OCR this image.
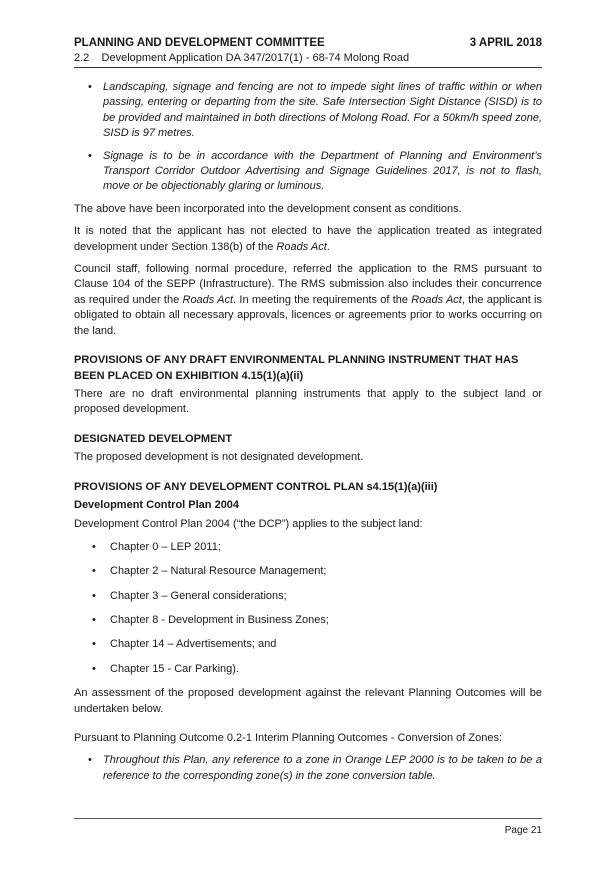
PLANNING AND DEVELOPMENT COMMITTEE	3 APRIL 2018
2.2 Development Application DA 347/2017(1) - 68-74 Molong Road
• Landscaping, signage and fencing are not to impede sight lines of traffic within or when passing, entering or departing from the site. Safe Intersection Sight Distance (SISD) is to be provided and maintained in both directions of Molong Road. For a 50km/h speed zone, SISD is 97 metres.
• Signage is to be in accordance with the Department of Planning and Environment’s Transport Corridor Outdoor Advertising and Signage Guidelines 2017, is not to flash, move or be objectionably glaring or luminous.

The above have been incorporated into the development consent as conditions.

It is noted that the applicant has not elected to have the application treated as integrated development under Section 138(b) of the Roads Act.

Council staff, following normal procedure, referred the application to the RMS pursuant to Clause 104 of the SEPP (Infrastructure). The RMS submission also includes their concurrence as required under the Roads Act. In meeting the requirements of the Roads Act, the applicant is obligated to obtain all necessary approvals, licences or agreements prior to works occurring on the land.

PROVISIONS OF ANY DRAFT ENVIRONMENTAL PLANNING INSTRUMENT THAT HAS BEEN PLACED ON EXHIBITION 4.15(1)(a)(ii)

There are no draft environmental planning instruments that apply to the subject land or proposed development.

DESIGNATED DEVELOPMENT

The proposed development is not designated development.

PROVISIONS OF ANY DEVELOPMENT CONTROL PLAN s4.15(1)(a)(iii)
Development Control Plan 2004

Development Control Plan 2004 (“the DCP”) applies to the subject land:

• Chapter 0 – LEP 2011;
• Chapter 2 – Natural Resource Management;
• Chapter 3 – General considerations;
• Chapter 8 - Development in Business Zones;
• Chapter 14 – Advertisements; and
• Chapter 15 - Car Parking).

An assessment of the proposed development against the relevant Planning Outcomes will be undertaken below.

Pursuant to Planning Outcome 0.2-1 Interim Planning Outcomes - Conversion of Zones:

• Throughout this Plan, any reference to a zone in Orange LEP 2000 is to be taken to be a reference to the corresponding zone(s) in the zone conversion table.
Page 21
